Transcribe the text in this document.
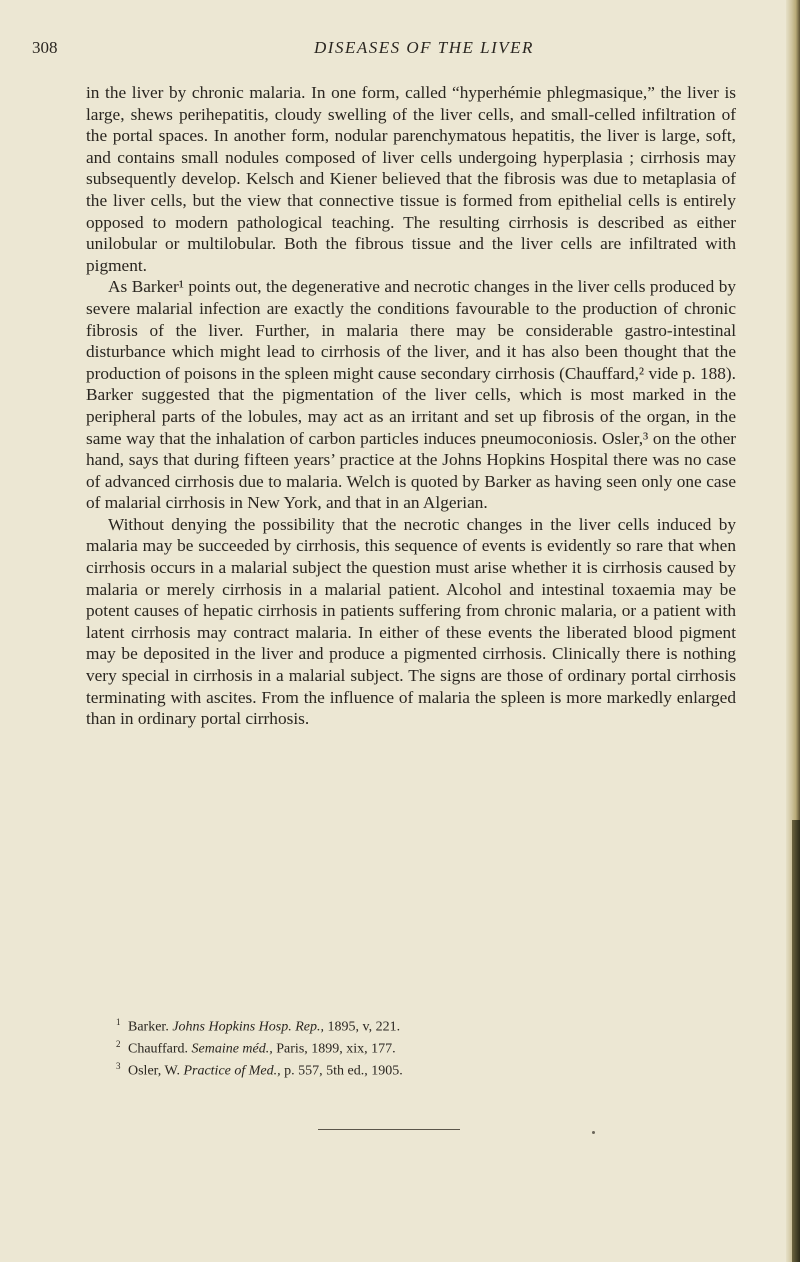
308	DISEASES OF THE LIVER

in the liver by chronic malaria. In one form, called “hyperhémie phlegmasique,” the liver is large, shews perihepatitis, cloudy swelling of the liver cells, and small-celled infiltration of the portal spaces. In another form, nodular parenchymatous hepatitis, the liver is large, soft, and contains small nodules composed of liver cells undergoing hyperplasia ; cirrhosis may subsequently develop. Kelsch and Kiener believed that the fibrosis was due to metaplasia of the liver cells, but the view that connective tissue is formed from epithelial cells is entirely opposed to modern pathological teaching. The resulting cirrhosis is described as either unilobular or multilobular. Both the fibrous tissue and the liver cells are infiltrated with pigment.

As Barker¹ points out, the degenerative and necrotic changes in the liver cells produced by severe malarial infection are exactly the conditions favourable to the production of chronic fibrosis of the liver. Further, in malaria there may be considerable gastro-intestinal disturbance which might lead to cirrhosis of the liver, and it has also been thought that the production of poisons in the spleen might cause secondary cirrhosis (Chauffard,² vide p. 188). Barker suggested that the pigmentation of the liver cells, which is most marked in the peripheral parts of the lobules, may act as an irritant and set up fibrosis of the organ, in the same way that the inhalation of carbon particles induces pneumoconiosis. Osler,³ on the other hand, says that during fifteen years’ practice at the Johns Hopkins Hospital there was no case of advanced cirrhosis due to malaria. Welch is quoted by Barker as having seen only one case of malarial cirrhosis in New York, and that in an Algerian.

Without denying the possibility that the necrotic changes in the liver cells induced by malaria may be succeeded by cirrhosis, this sequence of events is evidently so rare that when cirrhosis occurs in a malarial subject the question must arise whether it is cirrhosis caused by malaria or merely cirrhosis in a malarial patient. Alcohol and intestinal toxaemia may be potent causes of hepatic cirrhosis in patients suffering from chronic malaria, or a patient with latent cirrhosis may contract malaria. In either of these events the liberated blood pigment may be deposited in the liver and produce a pigmented cirrhosis. Clinically there is nothing very special in cirrhosis in a malarial subject. The signs are those of ordinary portal cirrhosis terminating with ascites. From the influence of malaria the spleen is more markedly enlarged than in ordinary portal cirrhosis.

$^1$ Barker. Johns Hopkins Hosp. Rep., 1895, v, 221.

$^2$ Chauffard. Semaine méd., Paris, 1899, xix, 177.

$^3$ Osler, W. Practice of Med., p. 557, 5th ed., 1905.
